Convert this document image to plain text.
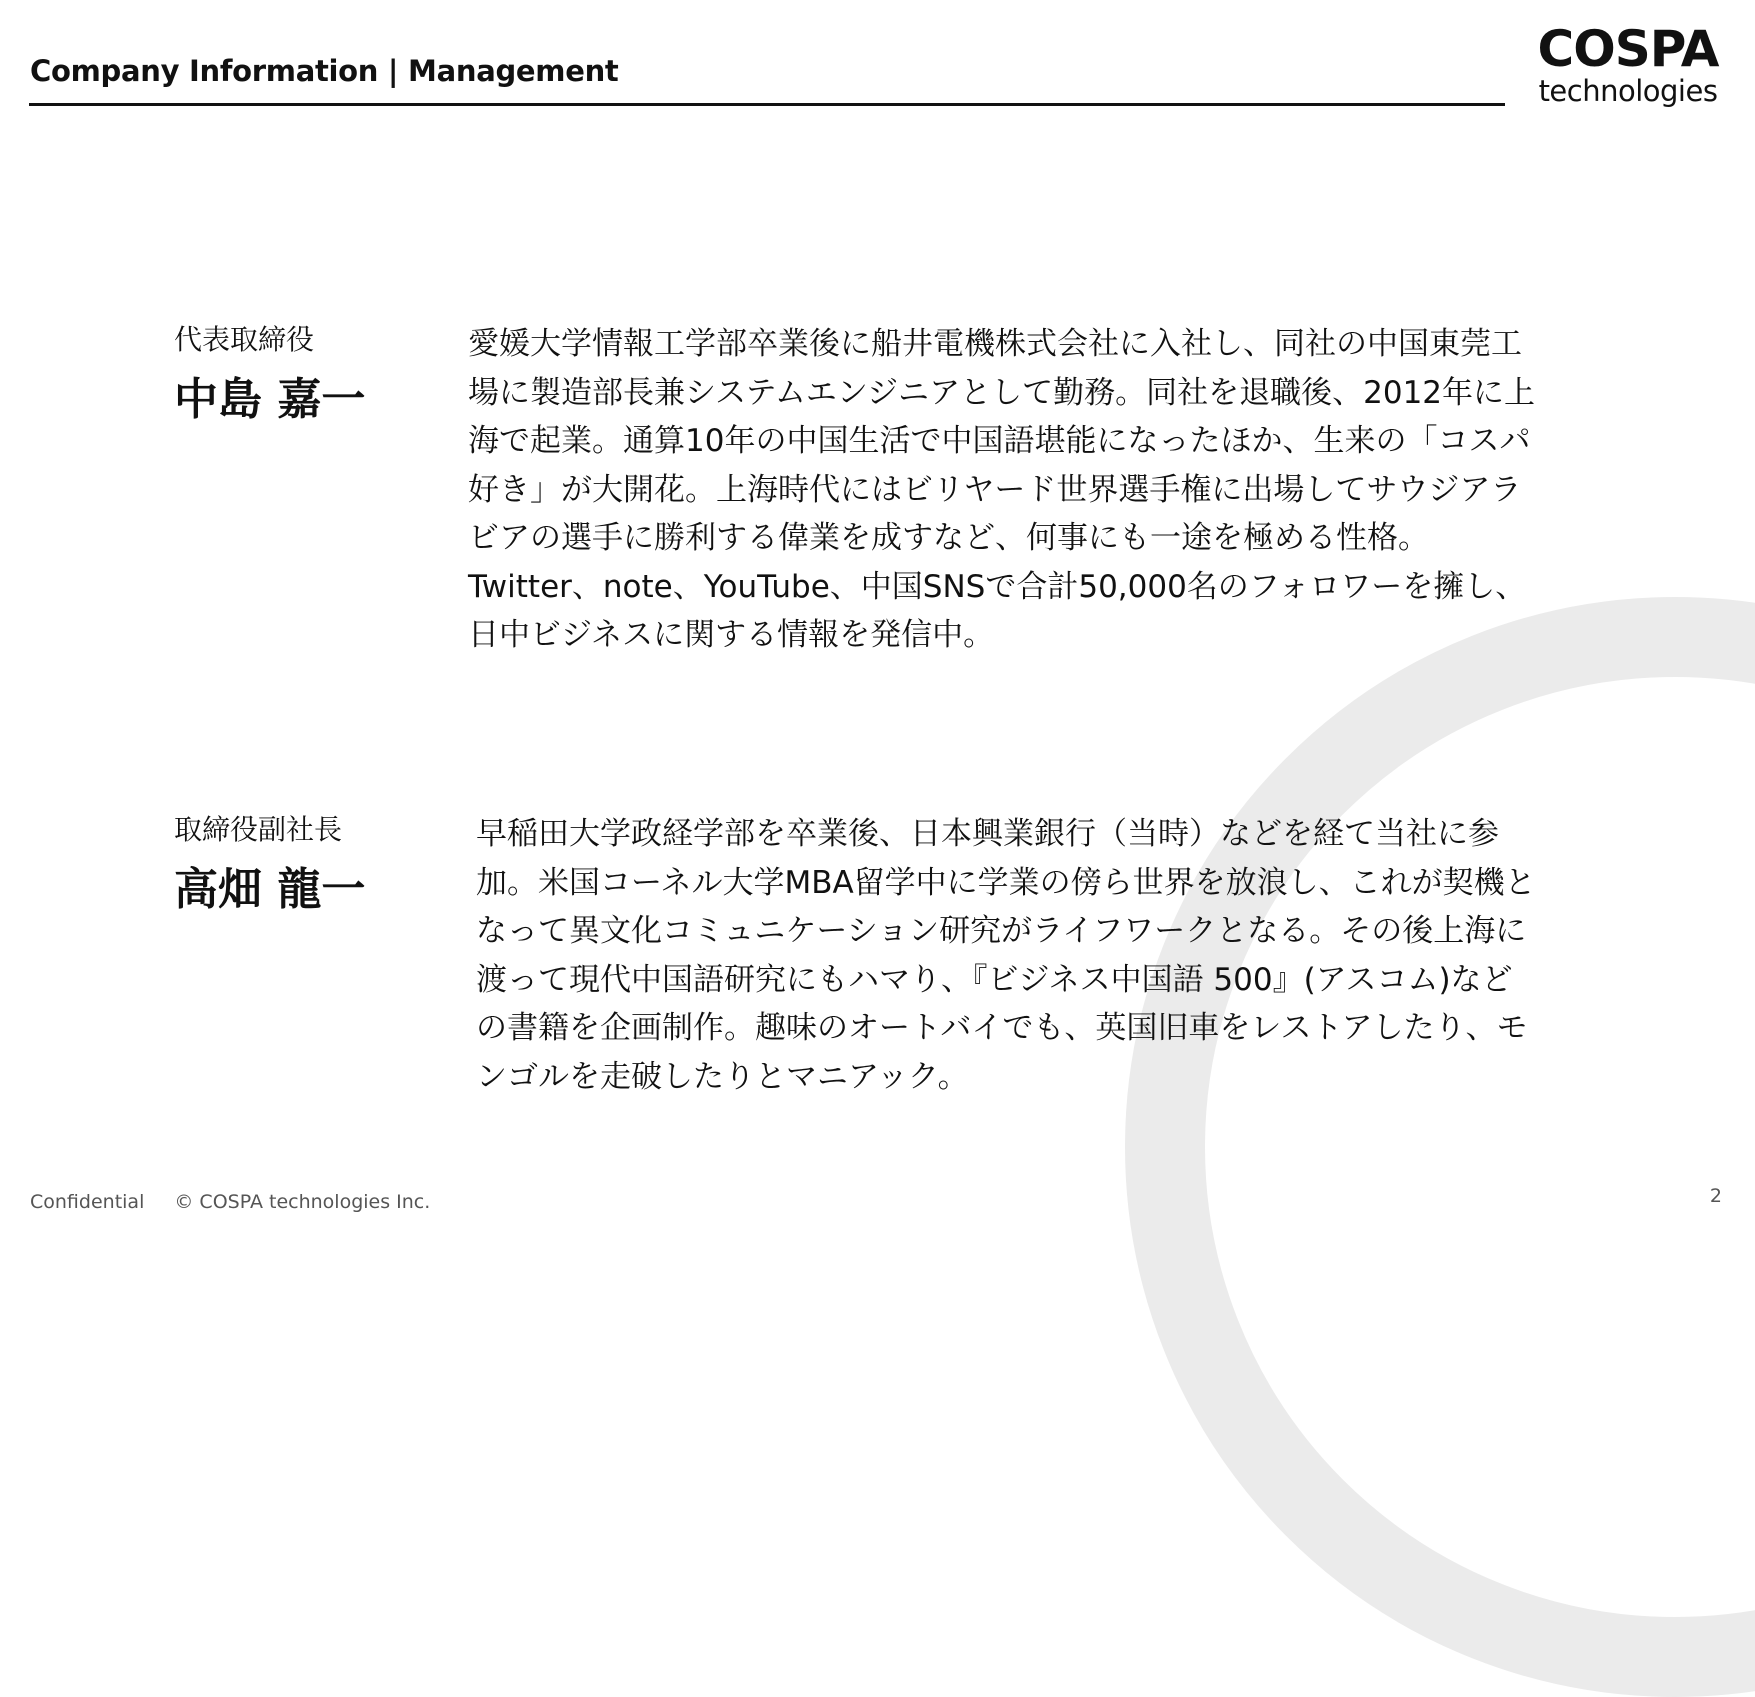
Company Information | Management	COSPA
technologies
代表取締役
中島 嘉一

愛媛大学情報工学部卒業後に船井電機株式会社に入社し、同社の中国東莞工
場に製造部長兼システムエンジニアとして勤務。同社を退職後、2012年に上
海で起業。通算10年の中国生活で中国語堪能になったほか、生来の「コスパ
好き」が大開花。上海時代にはビリヤード世界選手権に出場してサウジアラ
ビアの選手に勝利する偉業を成すなど、何事にも一途を極める性格。
Twitter、note、YouTube、中国SNSで合計50,000名のフォロワーを擁し、
日中ビジネスに関する情報を発信中。

取締役副社長
高畑 龍一

早稲田大学政経学部を卒業後、日本興業銀行（当時）などを経て当社に参
加。米国コーネル大学MBA留学中に学業の傍ら世界を放浪し、これが契機と
なって異文化コミュニケーション研究がライフワークとなる。その後上海に
渡って現代中国語研究にもハマり、『ビジネス中国語 500』(アスコム)など
の書籍を企画制作。趣味のオートバイでも、英国旧車をレストアしたり、モ
ンゴルを走破したりとマニアック。

Confidential © COSPA technologies Inc.	2
